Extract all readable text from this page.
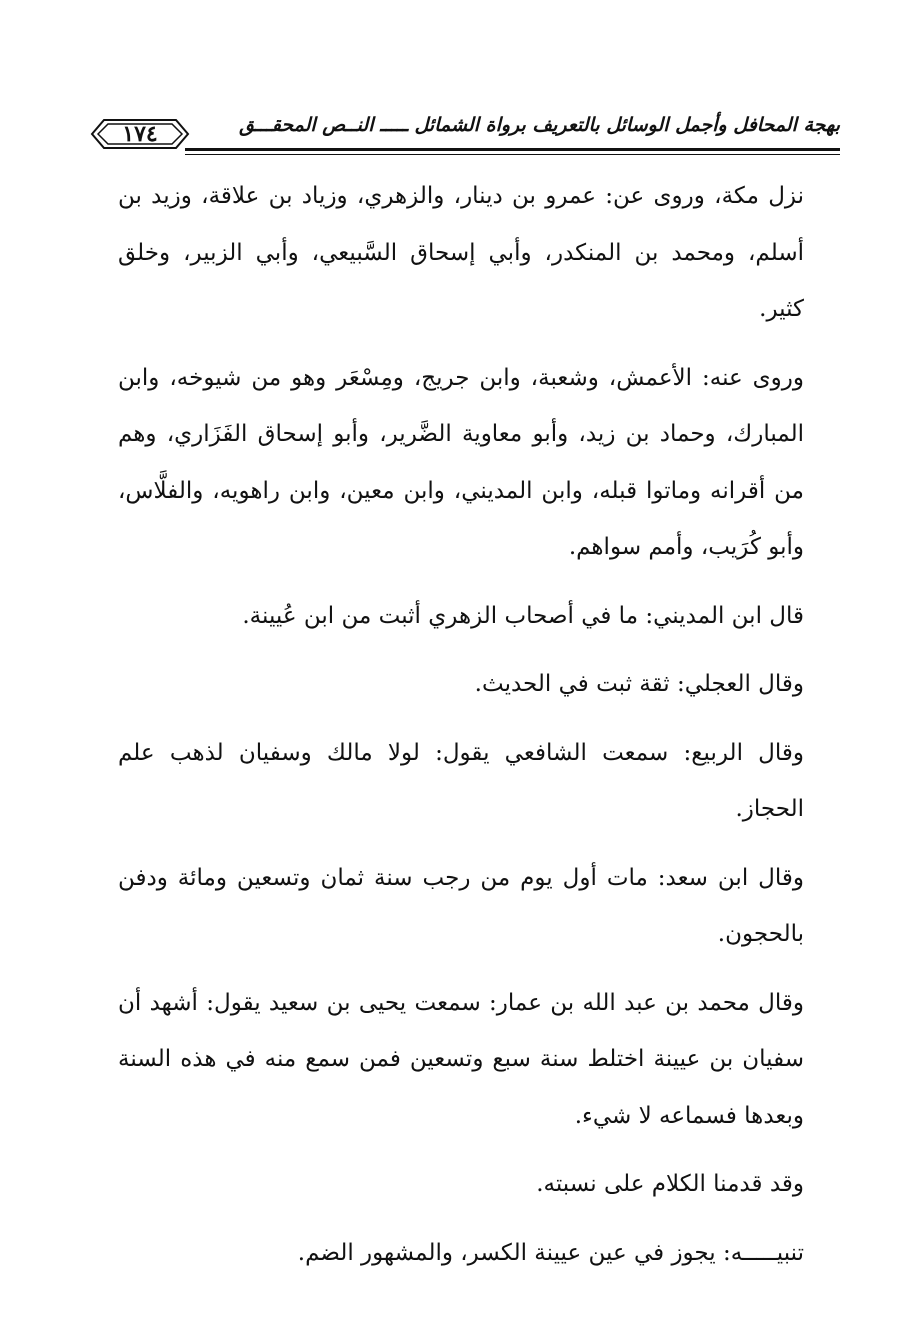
١٧٤	بهجة المحافل وأجمل الوسائل بالتعريف برواة الشمائل ـــــ النــص المحقـــق

نزل مكة، وروى عن: عمرو بن دينار، والزهري، وزياد بن علاقة، وزيد بن أسلم، ومحمد بن المنكدر، وأبي إسحاق السَّبيعي، وأبي الزبير، وخلق كثير.

وروى عنه: الأعمش، وشعبة، وابن جريج، ومِسْعَر وهو من شيوخه، وابن المبارك، وحماد بن زيد، وأبو معاوية الضَّرير، وأبو إسحاق الفَزَاري، وهم من أقرانه وماتوا قبله، وابن المديني، وابن معين، وابن راهويه، والفلَّاس، وأبو كُرَيب، وأمم سواهم.

قال ابن المديني: ما في أصحاب الزهري أثبت من ابن عُيينة.

وقال العجلي: ثقة ثبت في الحديث.

وقال الربيع: سمعت الشافعي يقول: لولا مالك وسفيان لذهب علم الحجاز.

وقال ابن سعد: مات أول يوم من رجب سنة ثمان وتسعين ومائة ودفن بالحجون.

وقال محمد بن عبد الله بن عمار: سمعت يحيى بن سعيد يقول: أشهد أن سفيان بن عيينة اختلط سنة سبع وتسعين فمن سمع منه في هذه السنة وبعدها فسماعه لا شيء.

وقد قدمنا الكلام على نسبته.

تنبيـــــه: يجوز في عين عيينة الكسر، والمشهور الضم.
